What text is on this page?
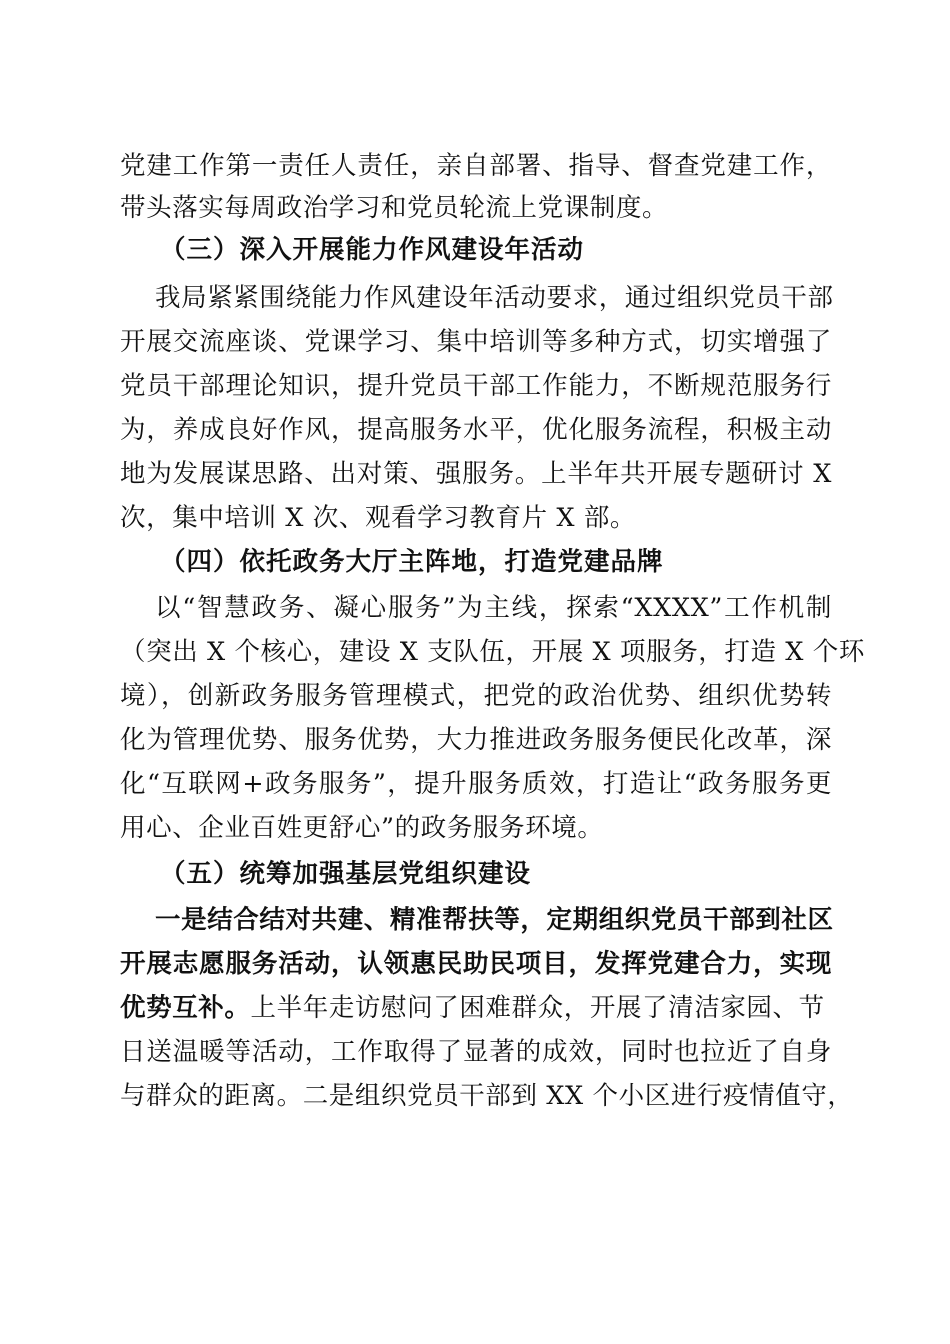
党建工作第一责任人责任，亲自部署、指导、督查党建工作，
带头落实每周政治学习和党员轮流上党课制度。
（三）深入开展能力作风建设年活动
我局紧紧围绕能力作风建设年活动要求，通过组织党员干部
开展交流座谈、党课学习、集中培训等多种方式，切实增强了
党员干部理论知识，提升党员干部工作能力，不断规范服务行
为，养成良好作风，提高服务水平，优化服务流程，积极主动
地为发展谋思路、出对策、强服务。上半年共开展专题研讨 X
次，集中培训 X 次、观看学习教育片 X 部。
（四）依托政务大厅主阵地，打造党建品牌
以“智慧政务、凝心服务”为主线，探索“XXXX”工作机制
（突出 X 个核心，建设 X 支队伍，开展 X 项服务，打造 X 个环
境），创新政务服务管理模式，把党的政治优势、组织优势转
化为管理优势、服务优势，大力推进政务服务便民化改革，深
化“互联网+政务服务”，提升服务质效，打造让“政务服务更
用心、企业百姓更舒心”的政务服务环境。
（五）统筹加强基层党组织建设
一是结合结对共建、精准帮扶等，定期组织党员干部到社区
开展志愿服务活动，认领惠民助民项目，发挥党建合力，实现
优势互补。上半年走访慰问了困难群众，开展了清洁家园、节
日送温暖等活动，工作取得了显著的成效，同时也拉近了自身
与群众的距离。二是组织党员干部到 XX 个小区进行疫情值守，
